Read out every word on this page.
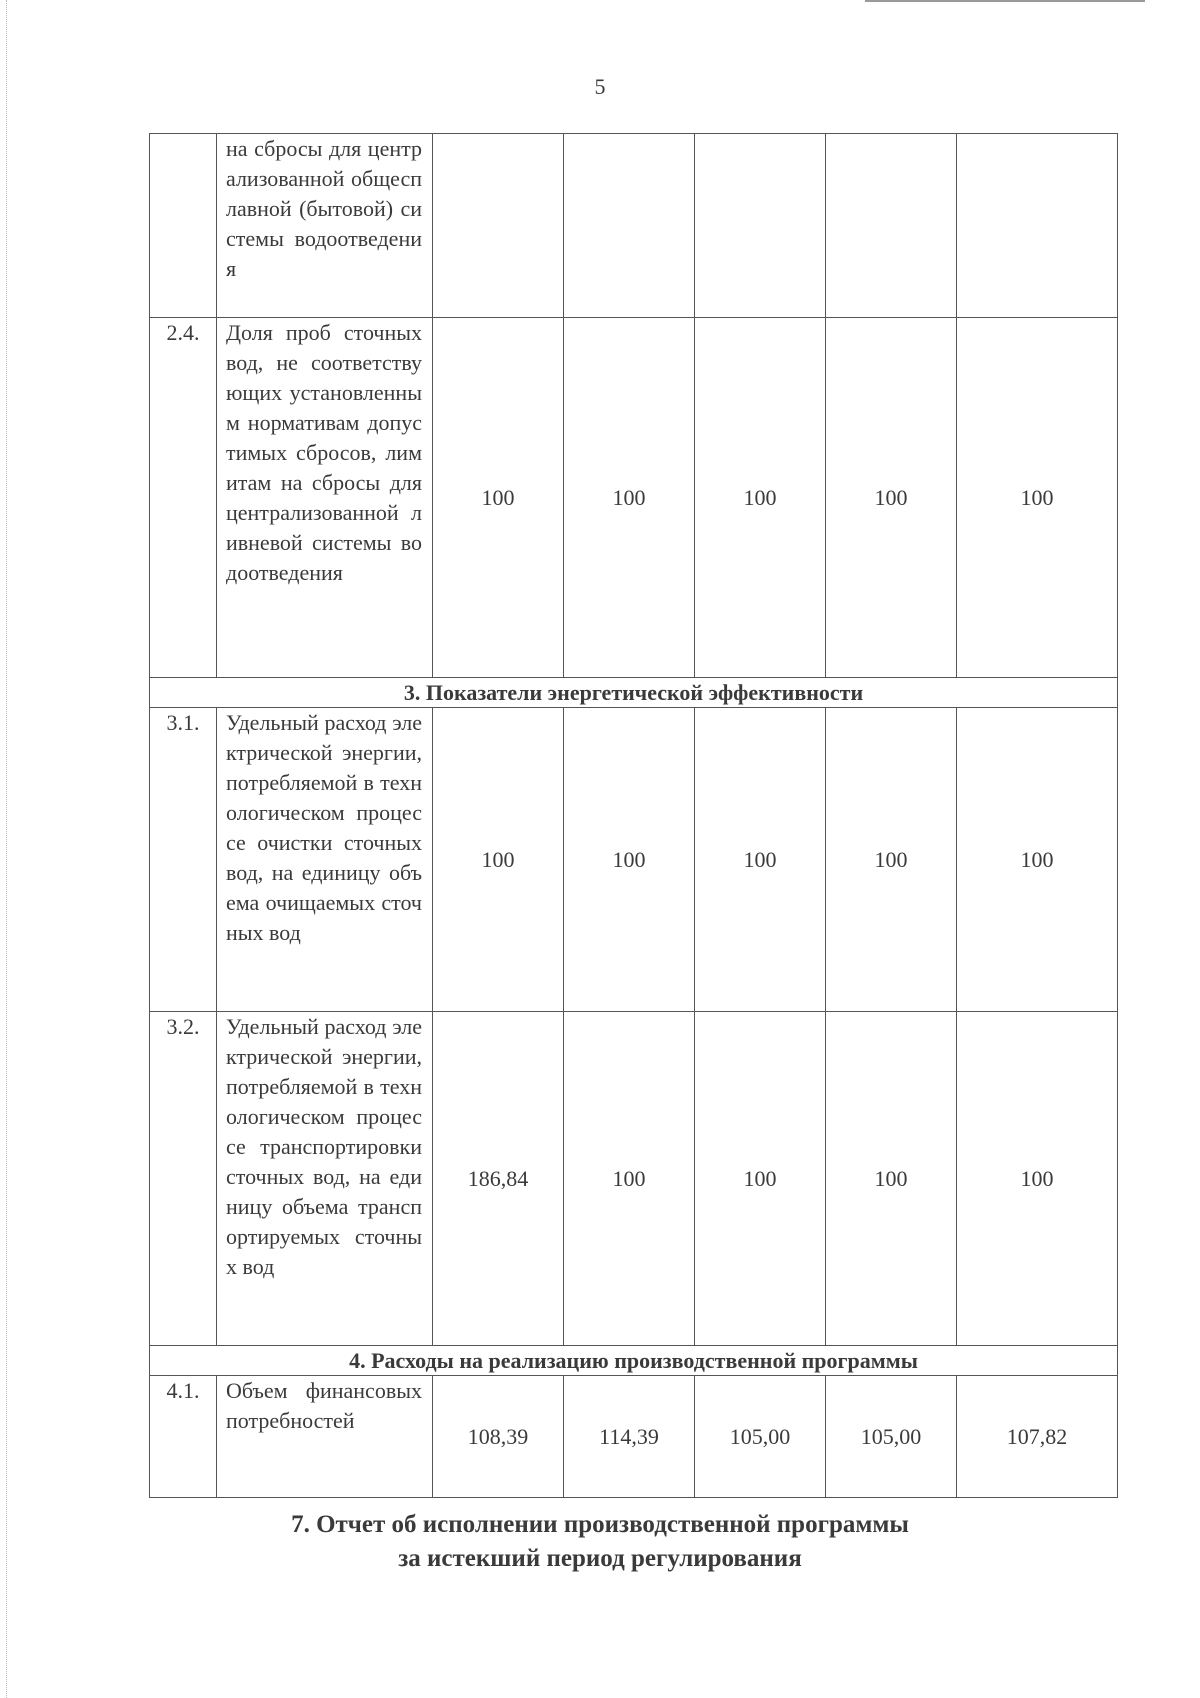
5
	на сбросы для централизованной общесплавной (бытовой) системы водоотведения					
2.4.	Доля проб сточных вод, не соответствующих установленным нормативам допустимых сбросов, лимитам на сбросы для централизованной ливневой системы водоотведения	100	100	100	100	100
3. Показатели энергетической эффективности						
3.1.	Удельный расход электрической энергии, потребляемой в технологическом процессе очистки сточных вод, на единицу объема очищаемых сточных вод	100	100	100	100	100
3.2.	Удельный расход электрической энергии, потребляемой в технологическом процессе транспортировки сточных вод, на единицу объема транспортируемых сточных вод	186,84	100	100	100	100
4. Расходы на реализацию производственной программы						
4.1.	Объем финансовых потребностей	108,39	114,39	105,00	105,00	107,82
7. Отчет об исполнении производственной программы
за истекший период регулирования
